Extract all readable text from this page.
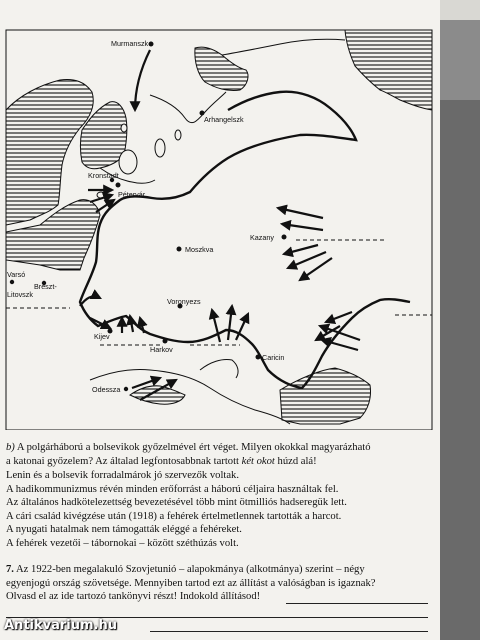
Murmanszk
Arhangelszk
Kronstadt
Pétervár
Kazany
Moszkva
Varsó
Breszt-
Litovszk
Voronyezs
Kijev
Harkov
Caricin
Odessza
b) A polgárháború a bolsevikok győzelmével ért véget. Milyen okokkal magyarázható
a katonai győzelem? Az általad legfontosabbnak tartott két okot húzd alá!
Lenin és a bolsevik forradalmárok jó szervezők voltak.
A hadikommunizmus révén minden erőforrást a háború céljaira használtak fel.
Az általános hadkötelezettség bevezetésével több mint ötmilliós hadseregük lett.
A cári család kivégzése után (1918) a fehérek értelmetlennek tartották a harcot.
A nyugati hatalmak nem támogatták eléggé a fehéreket.
A fehérek vezetői – tábornokai – között széthúzás volt.
7. Az 1922-ben megalakuló Szovjetunió – alapokmánya (alkotmánya) szerint – négy
egyenjogú ország szövetsége. Mennyiben tartod ezt az állítást a valóságban is igaznak?
Olvasd el az ide tartozó tankönyvi részt! Indokold állításod!
Antikvarium.hu
